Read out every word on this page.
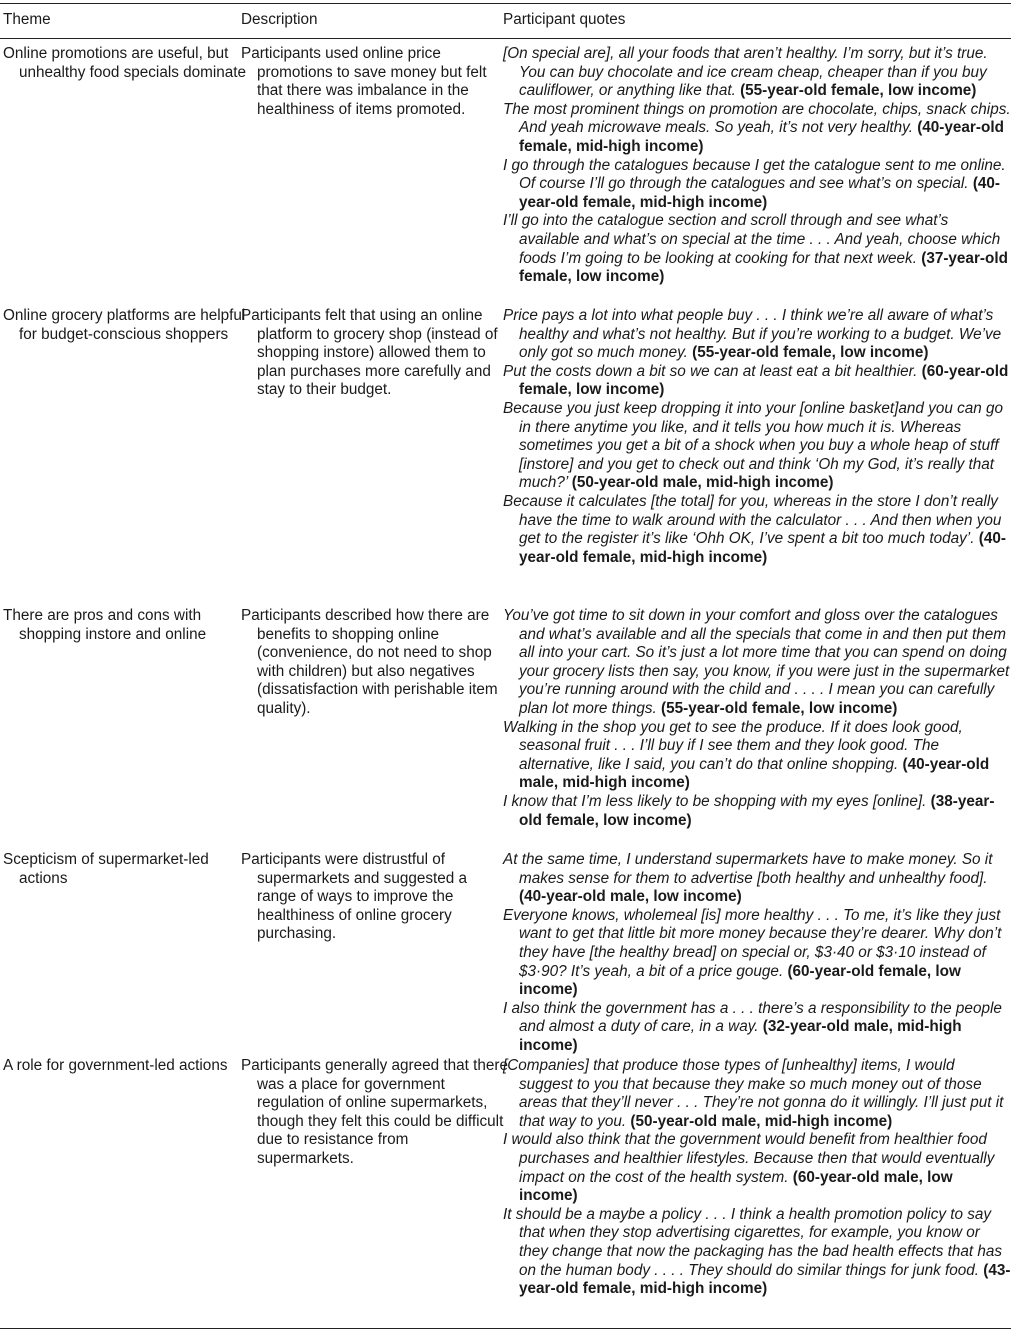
Theme	Description	Participant quotes

Online promotions are useful, but unhealthy food specials dominate

Participants used online price promotions to save money but felt that there was imbalance in the healthiness of items promoted.

[On special are], all your foods that aren’t healthy. I’m sorry, but it’s true. You can buy chocolate and ice cream cheap, cheaper than if you buy cauliflower, or anything like that. (55-year-old female, low income)

The most prominent things on promotion are chocolate, chips, snack chips. And yeah microwave meals. So yeah, it’s not very healthy. (40-year-old female, mid-high income)

I go through the catalogues because I get the catalogue sent to me online. Of course I’ll go through the catalogues and see what’s on special. (40-year-old female, mid-high income)

I’ll go into the catalogue section and scroll through and see what’s available and what’s on special at the time . . . And yeah, choose which foods I’m going to be looking at cooking for that next week. (37-year-old female, low income)

Online grocery platforms are helpful for budget-conscious shoppers

Participants felt that using an online platform to grocery shop (instead of shopping instore) allowed them to plan purchases more carefully and stay to their budget.

Price pays a lot into what people buy . . . I think we’re all aware of what’s healthy and what’s not healthy. But if you’re working to a budget. We’ve only got so much money. (55-year-old female, low income)

Put the costs down a bit so we can at least eat a bit healthier. (60-year-old female, low income)

Because you just keep dropping it into your [online basket]and you can go in there anytime you like, and it tells you how much it is. Whereas sometimes you get a bit of a shock when you buy a whole heap of stuff [instore] and you get to check out and think ‘Oh my God, it’s really that much?’ (50-year-old male, mid-high income)

Because it calculates [the total] for you, whereas in the store I don’t really have the time to walk around with the calculator . . . And then when you get to the register it’s like ‘Ohh OK, I’ve spent a bit too much today’. (40-year-old female, mid-high income)

There are pros and cons with shopping instore and online

Participants described how there are benefits to shopping online (convenience, do not need to shop with children) but also negatives (dissatisfaction with perishable item quality).

You’ve got time to sit down in your comfort and gloss over the catalogues and what’s available and all the specials that come in and then put them all into your cart. So it’s just a lot more time that you can spend on doing your grocery lists then say, you know, if you were just in the supermarket you’re running around with the child and . . . . I mean you can carefully plan lot more things. (55-year-old female, low income)

Walking in the shop you get to see the produce. If it does look good, seasonal fruit . . . I’ll buy if I see them and they look good. The alternative, like I said, you can’t do that online shopping. (40-year-old male, mid-high income)

I know that I’m less likely to be shopping with my eyes [online]. (38-year-old female, low income)

Scepticism of supermarket-led actions

Participants were distrustful of supermarkets and suggested a range of ways to improve the healthiness of online grocery purchasing.

At the same time, I understand supermarkets have to make money. So it makes sense for them to advertise [both healthy and unhealthy food]. (40-year-old male, low income)

Everyone knows, wholemeal [is] more healthy . . . To me, it’s like they just want to get that little bit more money because they’re dearer. Why don’t they have [the healthy bread] on special or, $3·40 or $3·10 instead of $3·90? It’s yeah, a bit of a price gouge. (60-year-old female, low income)

I also think the government has a . . . there’s a responsibility to the people and almost a duty of care, in a way. (32-year-old male, mid-high income)

A role for government-led actions Participants generally agreed that there was a place for government regulation of online supermarkets, though they felt this could be difficult due to resistance from supermarkets.

[Companies] that produce those types of [unhealthy] items, I would suggest to you that because they make so much money out of those areas that they’ll never . . . They’re not gonna do it willingly. I’ll just put it that way to you. (50-year-old male, mid-high income)

I would also think that the government would benefit from healthier food purchases and healthier lifestyles. Because then that would eventually impact on the cost of the health system. (60-year-old male, low income)

It should be a maybe a policy . . . I think a health promotion policy to say that when they stop advertising cigarettes, for example, you know or they change that now the packaging has the bad health effects that has on the human body . . . . They should do similar things for junk food. (43-year-old female, mid-high income)
